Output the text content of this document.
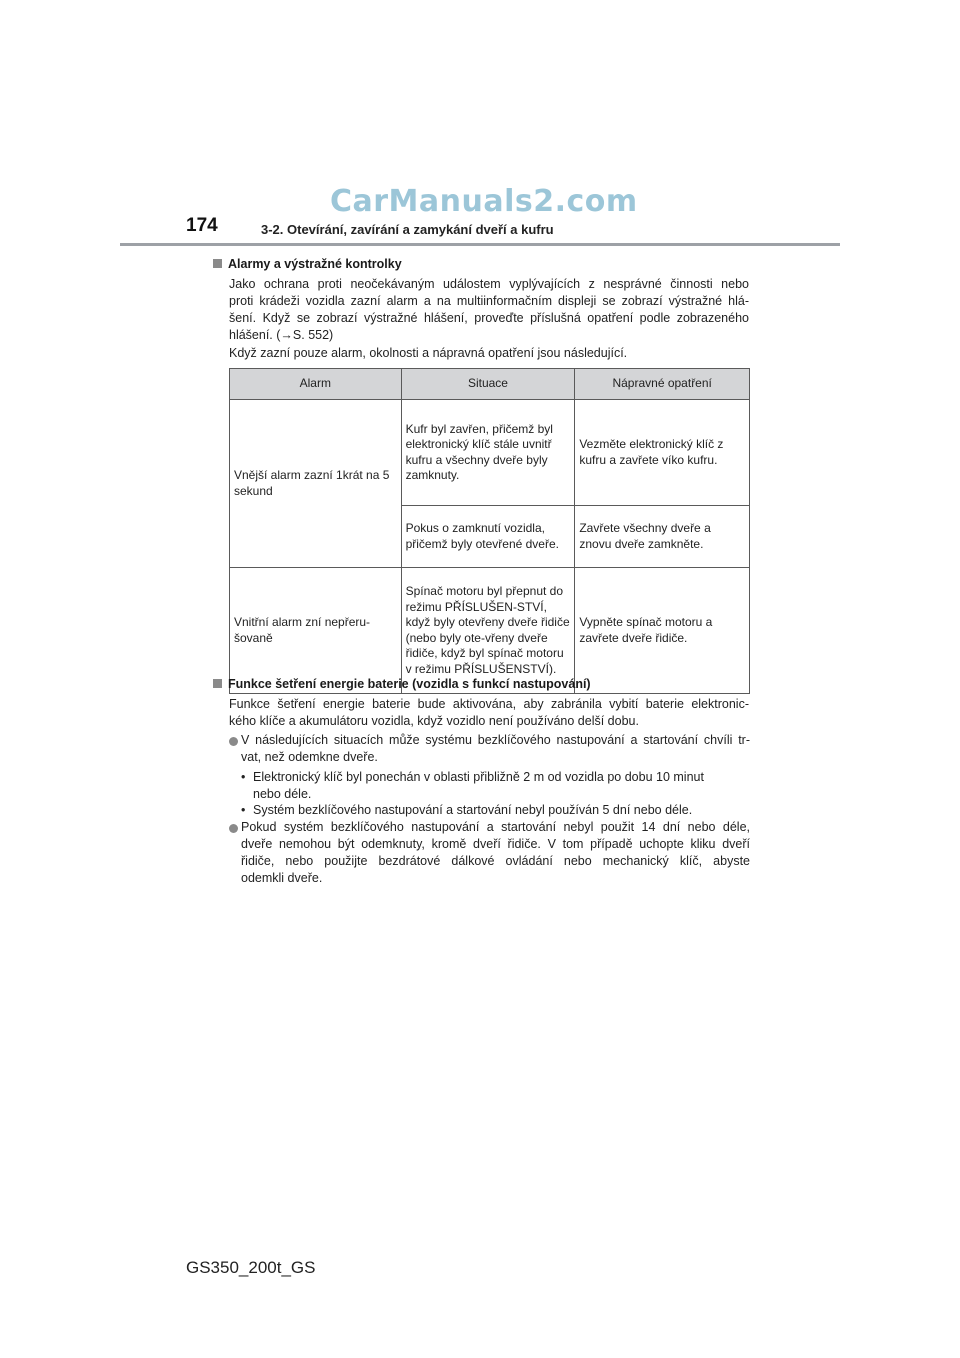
174
CarManuals2.com
3-2. Otevírání, zavírání a zamykání dveří a kufru
Alarmy a výstražné kontrolky
Jako ochrana proti neočekávaným událostem vyplývajících z nesprávné činnosti nebo
proti krádeži vozidla zazní alarm a na multiinformačním displeji se zobrazí výstražné hlá-
šení. Když se zobrazí výstražné hlášení, proveďte příslušná opatření podle zobrazeného
hlášení. (→S. 552)
Když zazní pouze alarm, okolnosti a nápravná opatření jsou následující.
Alarm	Situace	Nápravné opatření
Vnější alarm zazní 1krát na 5 sekund	Kufr byl zavřen, přičemž byl elektronický klíč stále uvnitř kufru a všechny dveře byly zamknuty.	Vezměte elektronický klíč z kufru a zavřete víko kufru.
	Pokus o zamknutí vozidla, přičemž byly otevřené dveře.	Zavřete všechny dveře a znovu dveře zamkněte.
Vnitřní alarm zní nepřeru-šovaně	Spínač motoru byl přepnut do režimu PŘÍSLUŠEN-STVÍ, když byly otevřeny dveře řidiče (nebo byly ote-vřeny dveře řidiče, když byl spínač motoru v režimu PŘÍSLUŠENSTVÍ).	Vypněte spínač motoru a zavřete dveře řidiče.
Funkce šetření energie baterie (vozidla s funkcí nastupování)
Funkce šetření energie baterie bude aktivována, aby zabránila vybití baterie elektronic-
kého klíče a akumulátoru vozidla, když vozidlo není používáno delší dobu.
V následujících situacích může systému bezklíčového nastupování a startování chvíli tr-
vat, než odemkne dveře.
• Elektronický klíč byl ponechán v oblasti přibližně 2 m od vozidla po dobu 10 minut
nebo déle.
• Systém bezklíčového nastupování a startování nebyl používán 5 dní nebo déle.
Pokud systém bezklíčového nastupování a startování nebyl použit 14 dní nebo déle,
dveře nemohou být odemknuty, kromě dveří řidiče. V tom případě uchopte kliku dveří
řidiče, nebo použijte bezdrátové dálkové ovládání nebo mechanický klíč, abyste
odemkli dveře.
GS350_200t_GS
